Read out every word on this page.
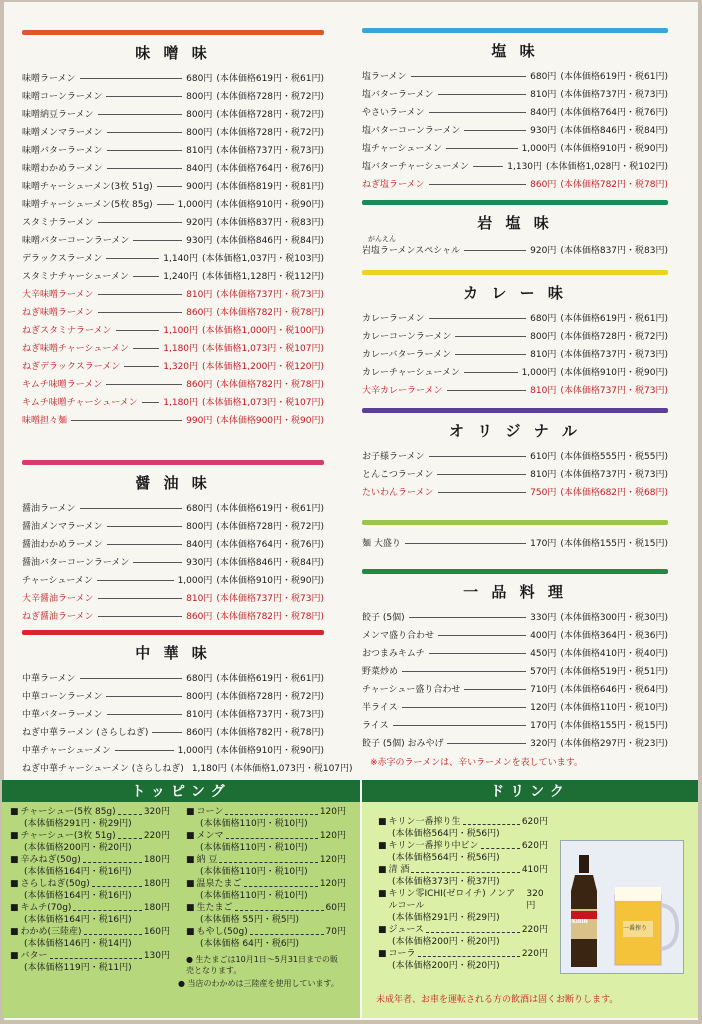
味 噌 味
味噌ラーメン	680円 (本体価格619円・税61円)
味噌コーンラーメン	800円 (本体価格728円・税72円)
味噌納豆ラーメン	800円 (本体価格728円・税72円)
味噌メンマラーメン	800円 (本体価格728円・税72円)
味噌バターラーメン	810円 (本体価格737円・税73円)
味噌わかめラーメン	840円 (本体価格764円・税76円)
味噌チャーシューメン(3枚 51g)	900円 (本体価格819円・税81円)
味噌チャーシューメン(5枚 85g)	1,000円 (本体価格910円・税90円)
スタミナラーメン	920円 (本体価格837円・税83円)
味噌バターコーンラーメン	930円 (本体価格846円・税84円)
デラックスラーメン	1,140円 (本体価格1,037円・税103円)
スタミナチャーシューメン	1,240円 (本体価格1,128円・税112円)
大辛味噌ラーメン	810円 (本体価格737円・税73円)
ねぎ味噌ラーメン	860円 (本体価格782円・税78円)
ねぎスタミナラーメン	1,100円 (本体価格1,000円・税100円)
ねぎ味噌チャーシューメン	1,180円 (本体価格1,073円・税107円)
ねぎデラックスラーメン	1,320円 (本体価格1,200円・税120円)
キムチ味噌ラーメン	860円 (本体価格782円・税78円)
キムチ味噌チャーシューメン	1,180円 (本体価格1,073円・税107円)
味噌担々麺	990円 (本体価格900円・税90円)
醤 油 味
醤油ラーメン	680円 (本体価格619円・税61円)
醤油メンマラーメン	800円 (本体価格728円・税72円)
醤油わかめラーメン	840円 (本体価格764円・税76円)
醤油バターコーンラーメン	930円 (本体価格846円・税84円)
チャーシューメン	1,000円 (本体価格910円・税90円)
大辛醤油ラーメン	810円 (本体価格737円・税73円)
ねぎ醤油ラーメン	860円 (本体価格782円・税78円)
中 華 味
中華ラーメン	680円 (本体価格619円・税61円)
中華コーンラーメン	800円 (本体価格728円・税72円)
中華バターラーメン	810円 (本体価格737円・税73円)
ねぎ中華ラーメン (さらしねぎ)	860円 (本体価格782円・税78円)
中華チャーシューメン	1,000円 (本体価格910円・税90円)
ねぎ中華チャーシューメン (さらしねぎ) 1,180円 (本体価格1,073円・税107円)
塩 味
塩ラーメン	680円 (本体価格619円・税61円)
塩バターラーメン	810円 (本体価格737円・税73円)
やさいラーメン	840円 (本体価格764円・税76円)
塩バターコーンラーメン	930円 (本体価格846円・税84円)
塩チャーシューメン	1,000円 (本体価格910円・税90円)
塩バターチャーシューメン	1,130円 (本体価格1,028円・税102円)
ねぎ塩ラーメン	860円 (本体価格782円・税78円)
岩 塩 味
がんえん
岩塩ラーメンスペシャル	920円 (本体価格837円・税83円)
カ レ ー 味
カレーラーメン	680円 (本体価格619円・税61円)
カレーコーンラーメン	800円 (本体価格728円・税72円)
カレーバターラーメン	810円 (本体価格737円・税73円)
カレーチャーシューメン	1,000円 (本体価格910円・税90円)
大辛カレーラーメン	810円 (本体価格737円・税73円)
オ リ ジ ナ ル
お子様ラーメン	610円 (本体価格555円・税55円)
とんこつラーメン	810円 (本体価格737円・税73円)
たいわんラーメン	750円 (本体価格682円・税68円)
麺 大盛り	170円 (本体価格155円・税15円)
一 品 料 理
餃子 (5個)	330円 (本体価格300円・税30円)
メンマ盛り合わせ	400円 (本体価格364円・税36円)
おつまみキムチ	450円 (本体価格410円・税40円)
野菜炒め	570円 (本体価格519円・税51円)
チャーシュー盛り合わせ	710円 (本体価格646円・税64円)
半ライス	120円 (本体価格110円・税10円)
ライス	170円 (本体価格155円・税15円)
餃子 (5個) おみやげ	320円 (本体価格297円・税23円)
※赤字のラーメンは、辛いラーメンを表しています。
トッピング
■ チャーシュー(5枚 85g)	320円
(本体価格291円・税29円)
■ チャーシュー(3枚 51g)	220円
(本体価格200円・税20円)
■ 辛みねぎ(50g)	180円
(本体価格164円・税16円)
■ さらしねぎ(50g)	180円
(本体価格164円・税16円)
■ キムチ(70g)	180円
(本体価格164円・税16円)
■ わかめ(三陸産)	160円
(本体価格146円・税14円)
■ バター	130円
(本体価格119円・税11円)
■ コーン	120円
(本体価格110円・税10円)
■ メンマ	120円
(本体価格110円・税10円)
■ 納 豆	120円
(本体価格110円・税10円)
■ 温泉たまご	120円
(本体価格110円・税10円)
■ 生たまご	60円
(本体価格 55円・税5円)
■ もやし(50g)	70円
(本体価格 64円・税6円)
● 生たまごは10月1日〜5月31日までの販売となります。
● 当店のわかめは三陸産を使用しています。
ドリンク
■ キリン一番搾り生	620円
(本体価格564円・税56円)
■ キリン一番搾り中ビン	620円
(本体価格564円・税56円)
■ 清 酒	410円
(本体価格373円・税37円)
■ キリン零ICHI(ゼロイチ) ノンアルコール
320円
(本体価格291円・税29円)
■ ジュース	220円
(本体価格200円・税20円)
■ コーラ	220円
(本体価格200円・税20円)
一番搾り
KIRIN
未成年者、お車を運転される方の飲酒は固くお断りします。
